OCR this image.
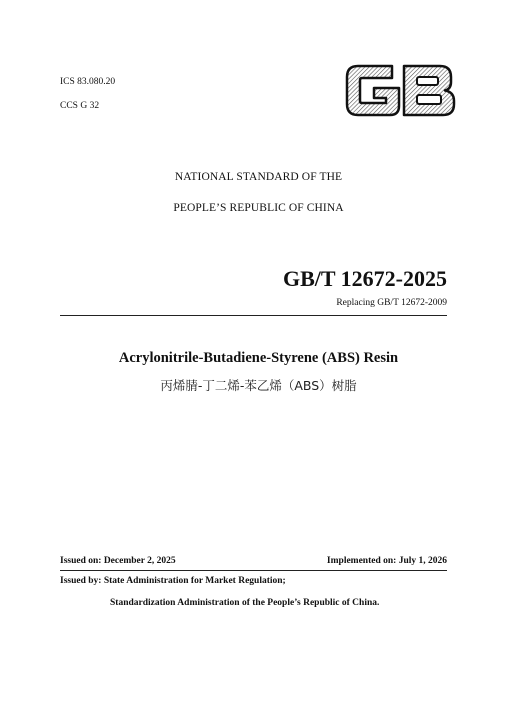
ICS 83.080.20
CCS G 32
NATIONAL STANDARD OF THE
PEOPLE’S REPUBLIC OF CHINA
GB/T 12672-2025
Replacing GB/T 12672-2009
Acrylonitrile-Butadiene-Styrene (ABS) Resin
丙烯腈-丁二烯-苯乙烯（ABS）树脂
Issued on: December 2, 2025	Implemented on: July 1, 2026
Issued by: State Administration for Market Regulation;
Standardization Administration of the People’s Republic of China.
